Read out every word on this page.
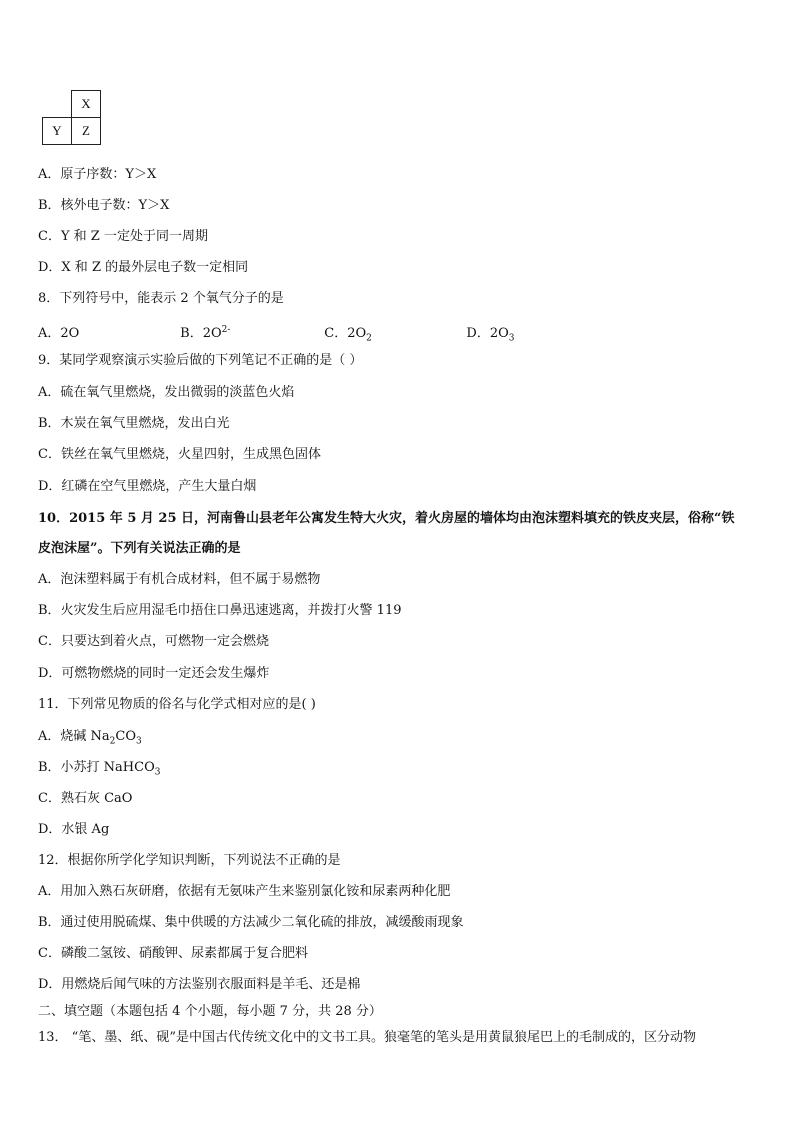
	X
Y	Z
A．原子序数：Y＞X
B．核外电子数：Y＞X
C．Y 和 Z 一定处于同一周期
D．X 和 Z 的最外层电子数一定相同
8．下列符号中，能表示 2 个氧气分子的是
A．2O	B．$2O^{2-}$	C．$2O_2$	D．$2O_3$
9．某同学观察演示实验后做的下列笔记不正确的是（ ）
A．硫在氧气里燃烧，发出微弱的淡蓝色火焰
B．木炭在氧气里燃烧，发出白光
C．铁丝在氧气里燃烧，火星四射，生成黑色固体
D．红磷在空气里燃烧，产生大量白烟
10．2015 年 5 月 25 日，河南鲁山县老年公寓发生特大火灾，着火房屋的墙体均由泡沫塑料填充的铁皮夹层，俗称“铁
皮泡沫屋”。下列有关说法正确的是
A．泡沫塑料属于有机合成材料，但不属于易燃物
B．火灾发生后应用湿毛巾捂住口鼻迅速逃离，并拨打火警 119
C．只要达到着火点，可燃物一定会燃烧
D．可燃物燃烧的同时一定还会发生爆炸
11．下列常见物质的俗名与化学式相对应的是( )
A．烧碱 $Na_2CO_3$
B．小苏打 NaHCO$_3$
C．熟石灰 CaO
D．水银 Ag
12．根据你所学化学知识判断，下列说法不正确的是
A．用加入熟石灰研磨，依据有无氨味产生来鉴别氯化铵和尿素两种化肥
B．通过使用脱硫煤、集中供暖的方法减少二氧化硫的排放，减缓酸雨现象
C．磷酸二氢铵、硝酸钾、尿素都属于复合肥料
D．用燃烧后闻气味的方法鉴别衣服面料是羊毛、还是棉
二、填空题（本题包括 4 个小题，每小题 7 分，共 28 分）
13． “笔、墨、纸、砚”是中国古代传统文化中的文书工具。狼毫笔的笔头是用黄鼠狼尾巴上的毛制成的，区分动物
